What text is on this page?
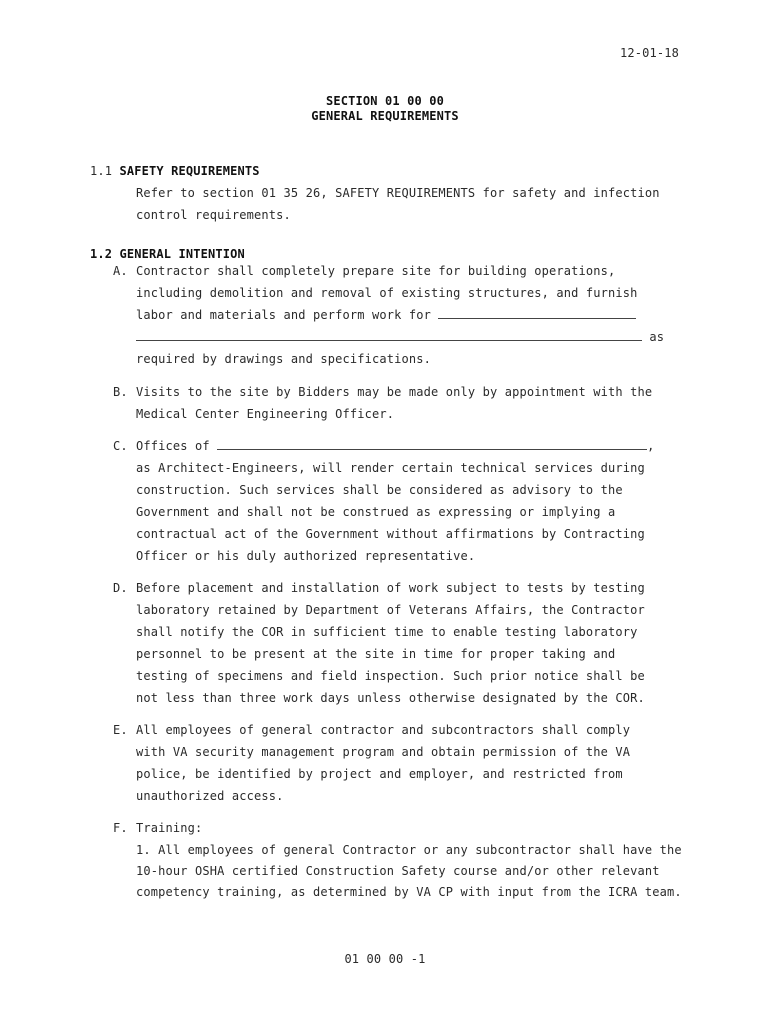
12-01-18
SECTION 01 00 00
GENERAL REQUIREMENTS
1.1 SAFETY REQUIREMENTS
Refer to section 01 35 26, SAFETY REQUIREMENTS for safety and infection
control requirements.
1.2 GENERAL INTENTION
A. Contractor shall completely prepare site for building operations,
including demolition and removal of existing structures, and furnish
labor and materials and perform work for
as
required by drawings and specifications.
B. Visits to the site by Bidders may be made only by appointment with the
Medical Center Engineering Officer.
C. Offices of	,
as Architect-Engineers, will render certain technical services during
construction. Such services shall be considered as advisory to the
Government and shall not be construed as expressing or implying a
contractual act of the Government without affirmations by Contracting
Officer or his duly authorized representative.
D. Before placement and installation of work subject to tests by testing
laboratory retained by Department of Veterans Affairs, the Contractor
shall notify the COR in sufficient time to enable testing laboratory
personnel to be present at the site in time for proper taking and
testing of specimens and field inspection. Such prior notice shall be
not less than three work days unless otherwise designated by the COR.
E. All employees of general contractor and subcontractors shall comply
with VA security management program and obtain permission of the VA
police, be identified by project and employer, and restricted from
unauthorized access.
F. Training:
1. All employees of general Contractor or any subcontractor shall have the
10-hour OSHA certified Construction Safety course and/or other relevant
competency training, as determined by VA CP with input from the ICRA team.
01 00 00 -1
